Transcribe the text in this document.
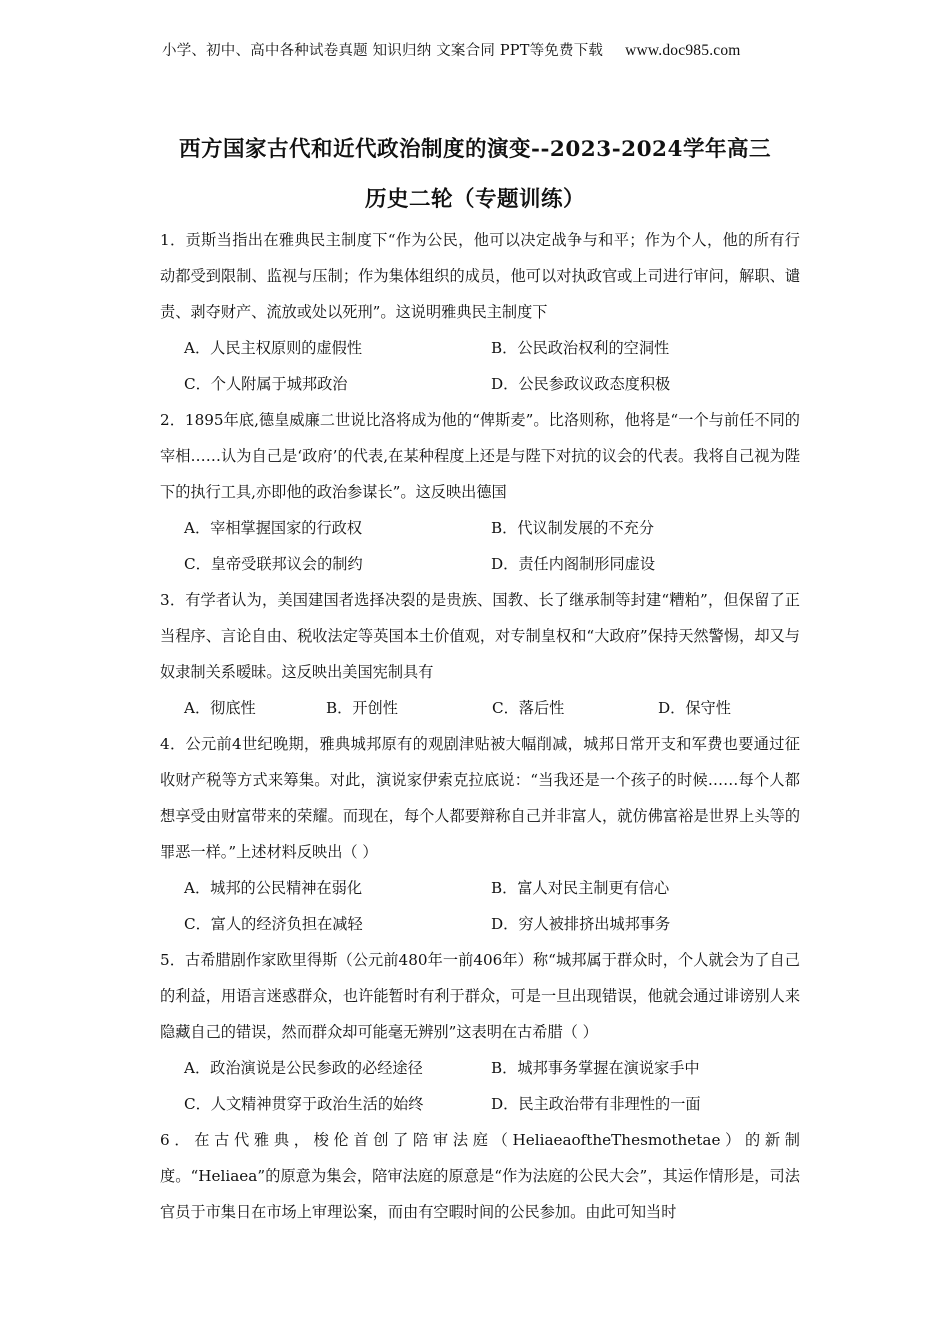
小学、初中、高中各种试卷真题 知识归纳 文案合同 PPT等免费下载 www.doc985.com
西方国家古代和近代政治制度的演变--2023-2024学年高三
历史二轮（专题训练）

1．贡斯当指出在雅典民主制度下“作为公民，他可以决定战争与和平；作为个人，他的所有行动都受到限制、监视与压制；作为集体组织的成员，他可以对执政官或上司进行审问，解职、谴责、剥夺财产、流放或处以死刑”。这说明雅典民主制度下

A．人民主权原则的虚假性	B．公民政治权利的空洞性
C．个人附属于城邦政治	D．公民参政议政态度积极

2．1895年底,德皇威廉二世说比洛将成为他的“俾斯麦”。比洛则称，他将是“一个与前任不同的宰相……认为自己是‘政府’的代表,在某种程度上还是与陛下对抗的议会的代表。我将自己视为陛下的执行工具,亦即他的政治参谋长”。这反映出德国

A．宰相掌握国家的行政权	B．代议制发展的不充分
C．皇帝受联邦议会的制约	D．责任内阁制形同虚设

3．有学者认为，美国建国者选择决裂的是贵族、国教、长了继承制等封建“糟粕”，但保留了正当程序、言论自由、税收法定等英国本土价值观，对专制皇权和“大政府”保持天然警惕，却又与奴隶制关系暧昧。这反映出美国宪制具有

A．彻底性	B．开创性	C．落后性	D．保守性

4．公元前4世纪晚期，雅典城邦原有的观剧津贴被大幅削减，城邦日常开支和军费也要通过征收财产税等方式来筹集。对此，演说家伊索克拉底说：“当我还是一个孩子的时候……每个人都想享受由财富带来的荣耀。而现在，每个人都要辩称自己并非富人，就仿佛富裕是世界上头等的罪恶一样。”上述材料反映出（ ）

A．城邦的公民精神在弱化	B．富人对民主制更有信心
C．富人的经济负担在减轻	D．穷人被排挤出城邦事务

5．古希腊剧作家欧里得斯（公元前480年一前406年）称“城邦属于群众时，个人就会为了自己的利益，用语言迷惑群众，也许能暂时有利于群众，可是一旦出现错误，他就会通过诽谤别人来隐藏自己的错误，然而群众却可能毫无辨别”这表明在古希腊（ ）

A．政治演说是公民参政的必经途径	B．城邦事务掌握在演说家手中
C．人文精神贯穿于政治生活的始终	D．民主政治带有非理性的一面

6．在古代雅典，梭伦首创了陪审法庭（HeliaeaoftheThesmothetae）的新制度。“Heliaea”的原意为集会，陪审法庭的原意是“作为法庭的公民大会”，其运作情形是，司法官员于市集日在市场上审理讼案，而由有空暇时间的公民参加。由此可知当时
